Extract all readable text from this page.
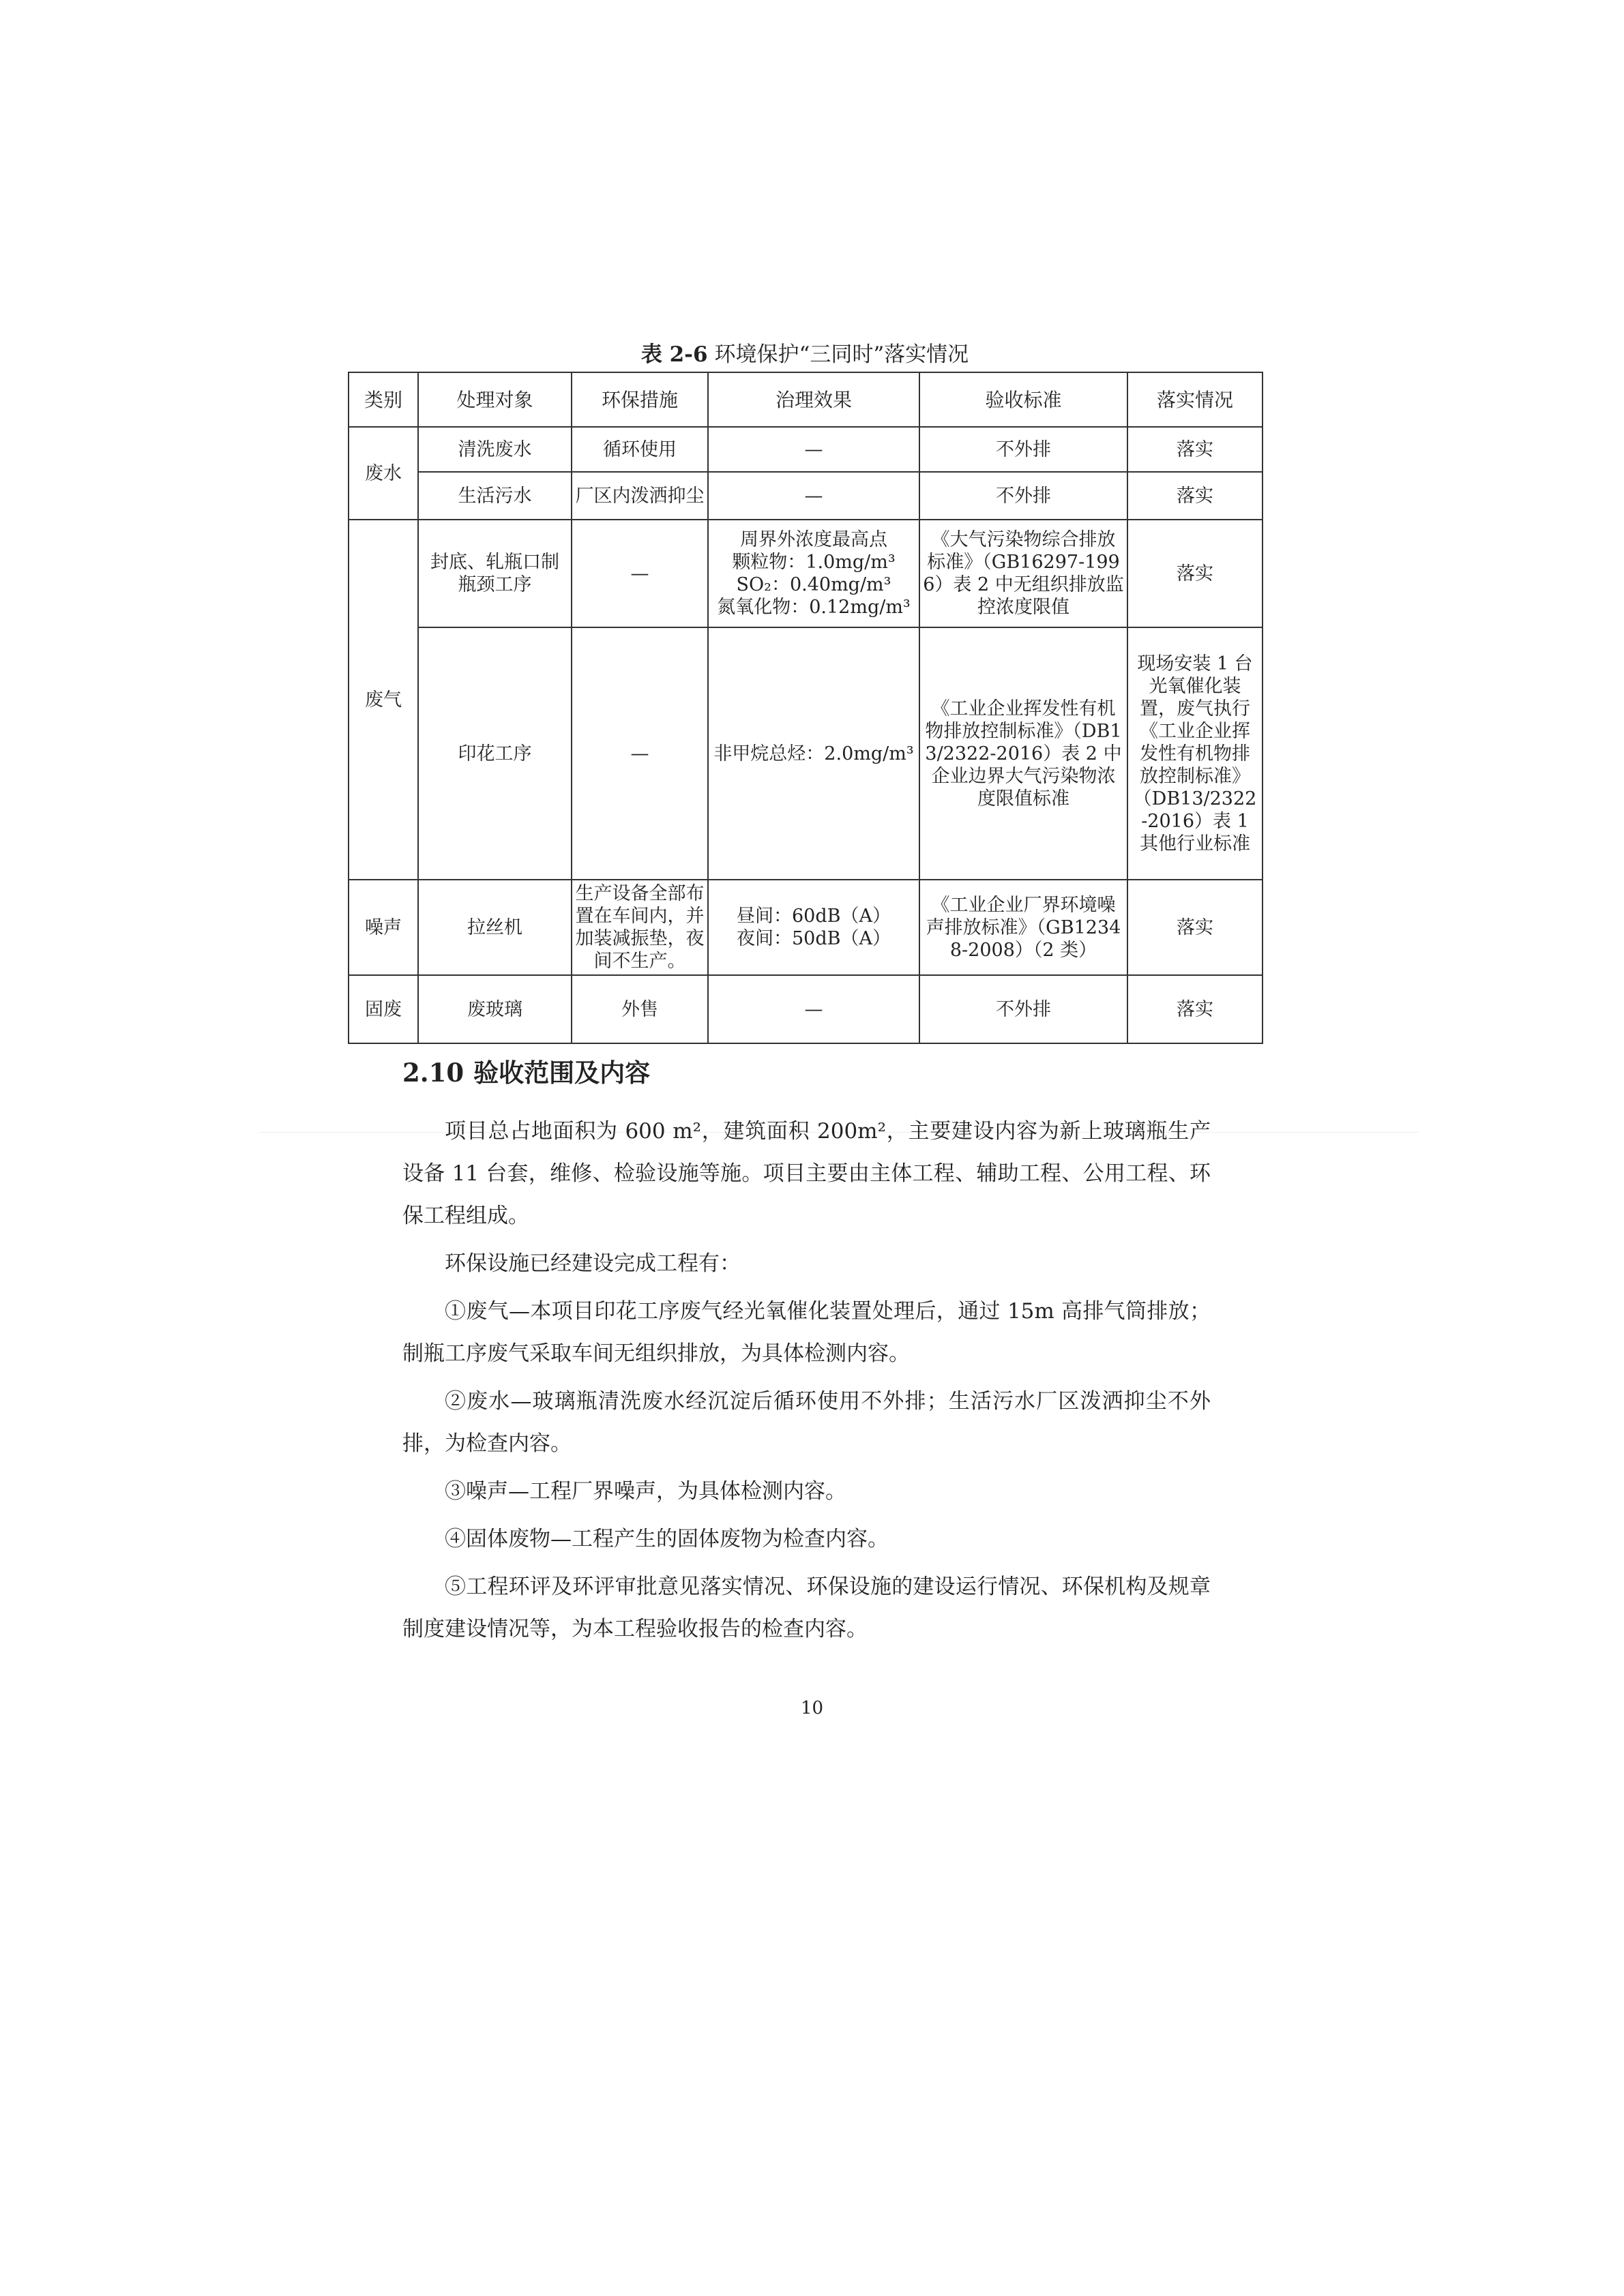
表 2-6 环境保护“三同时”落实情况
类别	处理对象	环保措施	治理效果	验收标准	落实情况
废水	清洗废水	循环使用	—	不外排	落实
	生活污水	厂区内泼洒抑尘	—	不外排	落实
废气	封底、轧瓶口制瓶颈工序	—	周界外浓度最高点
颗粒物：1.0mg/m³
SO₂：0.40mg/m³
氮氧化物：0.12mg/m³	《大气污染物综合排放标准》（GB16297-1996）表 2 中无组织排放监控浓度限值	落实
	印花工序	—	非甲烷总烃：2.0mg/m³	《工业企业挥发性有机物排放控制标准》（DB13/2322-2016）表 2 中企业边界大气污染物浓度限值标准	现场安装 1 台光氧催化装置，废气执行《工业企业挥发性有机物排放控制标准》（DB13/2322-2016）表 1 其他行业标准
噪声	拉丝机	生产设备全部布置在车间内，并加装减振垫，夜间不生产。	昼间：60dB（A）
夜间：50dB（A）	《工业企业厂界环境噪声排放标准》（GB12348-2008）（2 类）	落实
固废	废玻璃	外售	—	不外排	落实
2.10 验收范围及内容

项目总占地面积为 600 m²，建筑面积 200m²，主要建设内容为新上玻璃瓶生产设备 11 台套，维修、检验设施等施。项目主要由主体工程、辅助工程、公用工程、环保工程组成。

环保设施已经建设完成工程有：

①废气—本项目印花工序废气经光氧催化装置处理后，通过 15m 高排气筒排放；制瓶工序废气采取车间无组织排放，为具体检测内容。

②废水—玻璃瓶清洗废水经沉淀后循环使用不外排；生活污水厂区泼洒抑尘不外排，为检查内容。

③噪声—工程厂界噪声，为具体检测内容。

④固体废物—工程产生的固体废物为检查内容。

⑤工程环评及环评审批意见落实情况、环保设施的建设运行情况、环保机构及规章制度建设情况等，为本工程验收报告的检查内容。

10
